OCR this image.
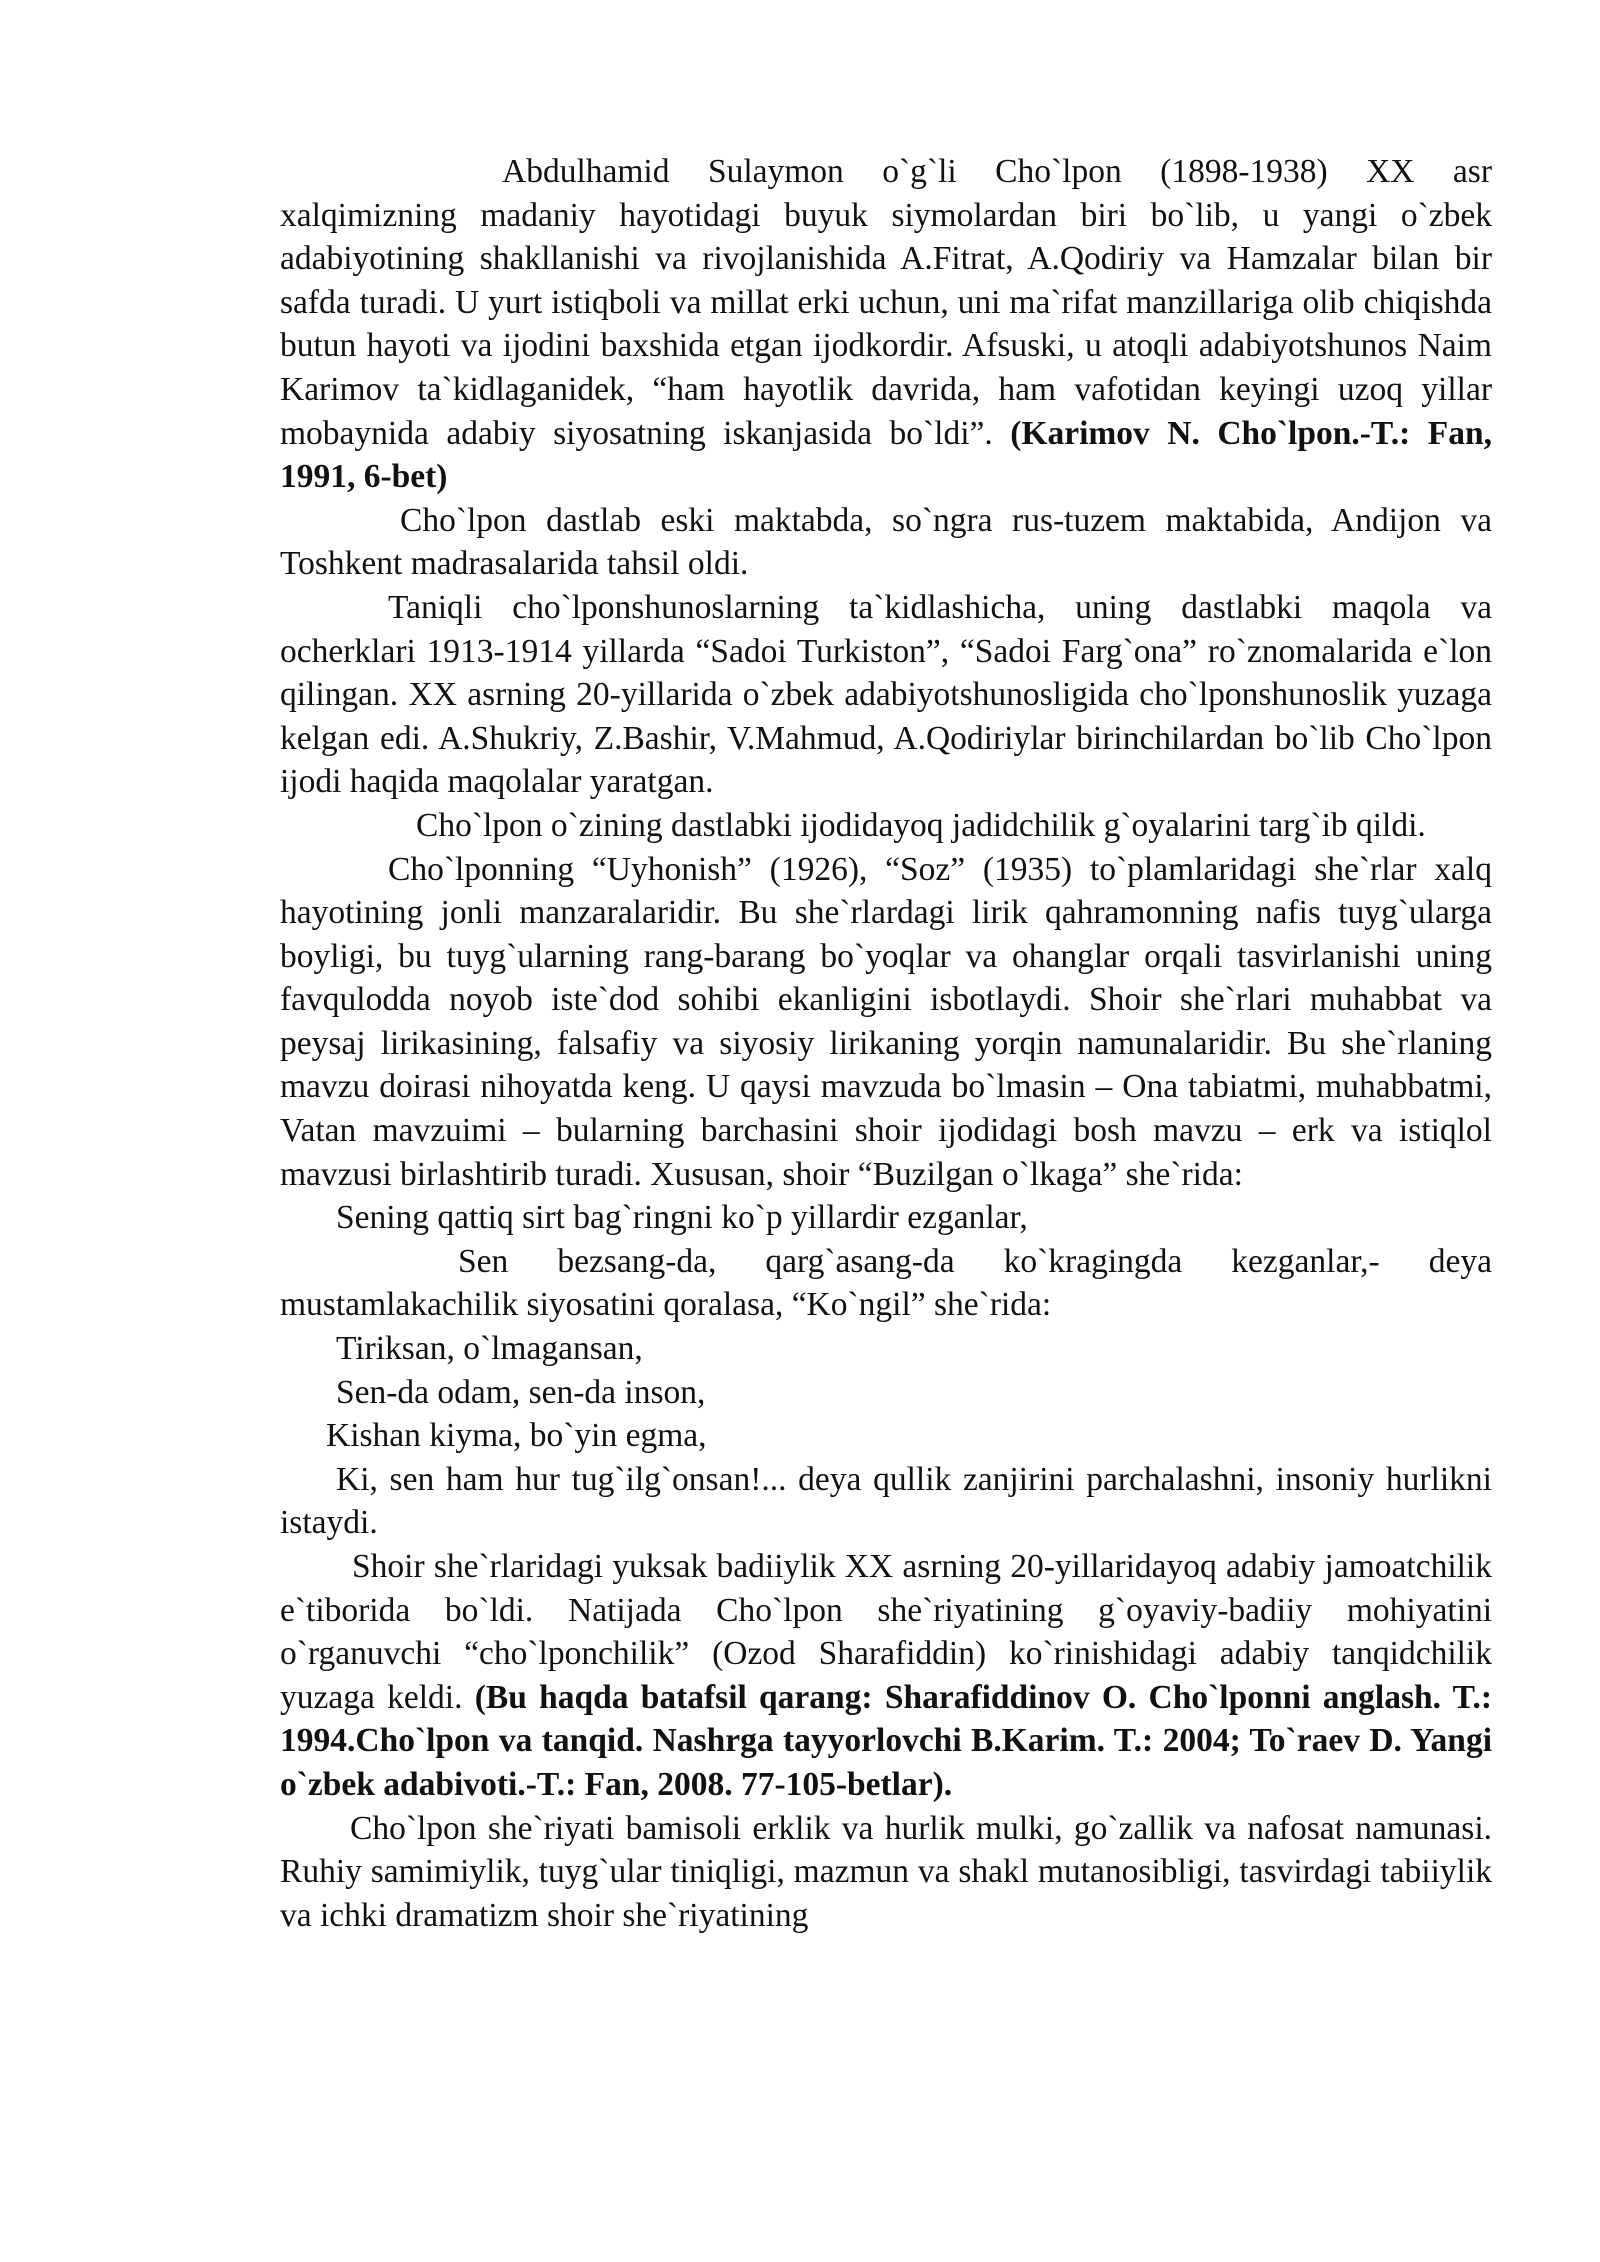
Abdulhamid Sulaymon o`g`li Cho`lpon (1898-1938) XX asr xalqimizning madaniy hayotidagi buyuk siymolardan biri bo`lib, u yangi o`zbek adabiyotining shakllanishi va rivojlanishida A.Fitrat, A.Qodiriy va Hamzalar bilan bir safda turadi. U yurt istiqboli va millat erki uchun, uni ma`rifat manzillariga olib chiqishda butun hayoti va ijodini baxshida etgan ijodkordir. Afsuski, u atoqli adabiyotshunos Naim Karimov ta`kidlaganidek, “ham hayotlik davrida, ham vafotidan keyingi uzoq yillar mobaynida adabiy siyosatning iskanjasida bo`ldi”. (Karimov N. Cho`lpon.-T.: Fan, 1991, 6-bet)

Cho`lpon dastlab eski maktabda, so`ngra rus-tuzem maktabida, Andijon va Toshkent madrasalarida tahsil oldi.

Taniqli cho`lponshunoslarning ta`kidlashicha, uning dastlabki maqola va ocherklari 1913-1914 yillarda “Sadoi Turkiston”, “Sadoi Farg`ona” ro`znomalarida e`lon qilingan. XX asrning 20-yillarida o`zbek adabiyotshunosligida cho`lponshunoslik yuzaga kelgan edi. A.Shukriy, Z.Bashir, V.Mahmud, A.Qodiriylar birinchilardan bo`lib Cho`lpon ijodi haqida maqolalar yaratgan.

Cho`lpon o`zining dastlabki ijodidayoq jadidchilik g`oyalarini targ`ib qildi.

Cho`lponning “Uyhonish” (1926), “Soz” (1935) to`plamlaridagi she`rlar xalq hayotining jonli manzaralaridir. Bu she`rlardagi lirik qahramonning nafis tuyg`ularga boyligi, bu tuyg`ularning rang-barang bo`yoqlar va ohanglar orqali tasvirlanishi uning favqulodda noyob iste`dod sohibi ekanligini isbotlaydi. Shoir she`rlari muhabbat va peysaj lirikasining, falsafiy va siyosiy lirikaning yorqin namunalaridir. Bu she`rlaning mavzu doirasi nihoyatda keng. U qaysi mavzuda bo`lmasin – Ona tabiatmi, muhabbatmi, Vatan mavzuimi – bularning barchasini shoir ijodidagi bosh mavzu – erk va istiqlol mavzusi birlashtirib turadi. Xususan, shoir “Buzilgan o`lkaga” she`rida:

Sening qattiq sirt bag`ringni ko`p yillardir ezganlar,

Sen bezsang-da, qarg`asang-da ko`kragingda kezganlar,- deya mustamlakachilik siyosatini qoralasa, “Ko`ngil” she`rida:

Tiriksan, o`lmagansan,

Sen-da odam, sen-da inson,

Kishan kiyma, bo`yin egma,

Ki, sen ham hur tug`ilg`onsan!... deya qullik zanjirini parchalashni, insoniy hurlikni istaydi.

Shoir she`rlaridagi yuksak badiiylik XX asrning 20-yillaridayoq adabiy jamoatchilik e`tiborida bo`ldi. Natijada Cho`lpon she`riyatining g`oyaviy-badiiy mohiyatini o`rganuvchi “cho`lponchilik” (Ozod Sharafiddin) ko`rinishidagi adabiy tanqidchilik yuzaga keldi. (Bu haqda batafsil qarang: Sharafiddinov O. Cho`lponni anglash. T.: 1994.Cho`lpon va tanqid. Nashrga tayyorlovchi B.Karim. T.: 2004; To`raev D. Yangi o`zbek adabivoti.-T.: Fan, 2008. 77-105-betlar).

Cho`lpon she`riyati bamisoli erklik va hurlik mulki, go`zallik va nafosat namunasi. Ruhiy samimiylik, tuyg`ular tiniqligi, mazmun va shakl mutanosibligi, tasvirdagi tabiiylik va ichki dramatizm shoir she`riyatining
